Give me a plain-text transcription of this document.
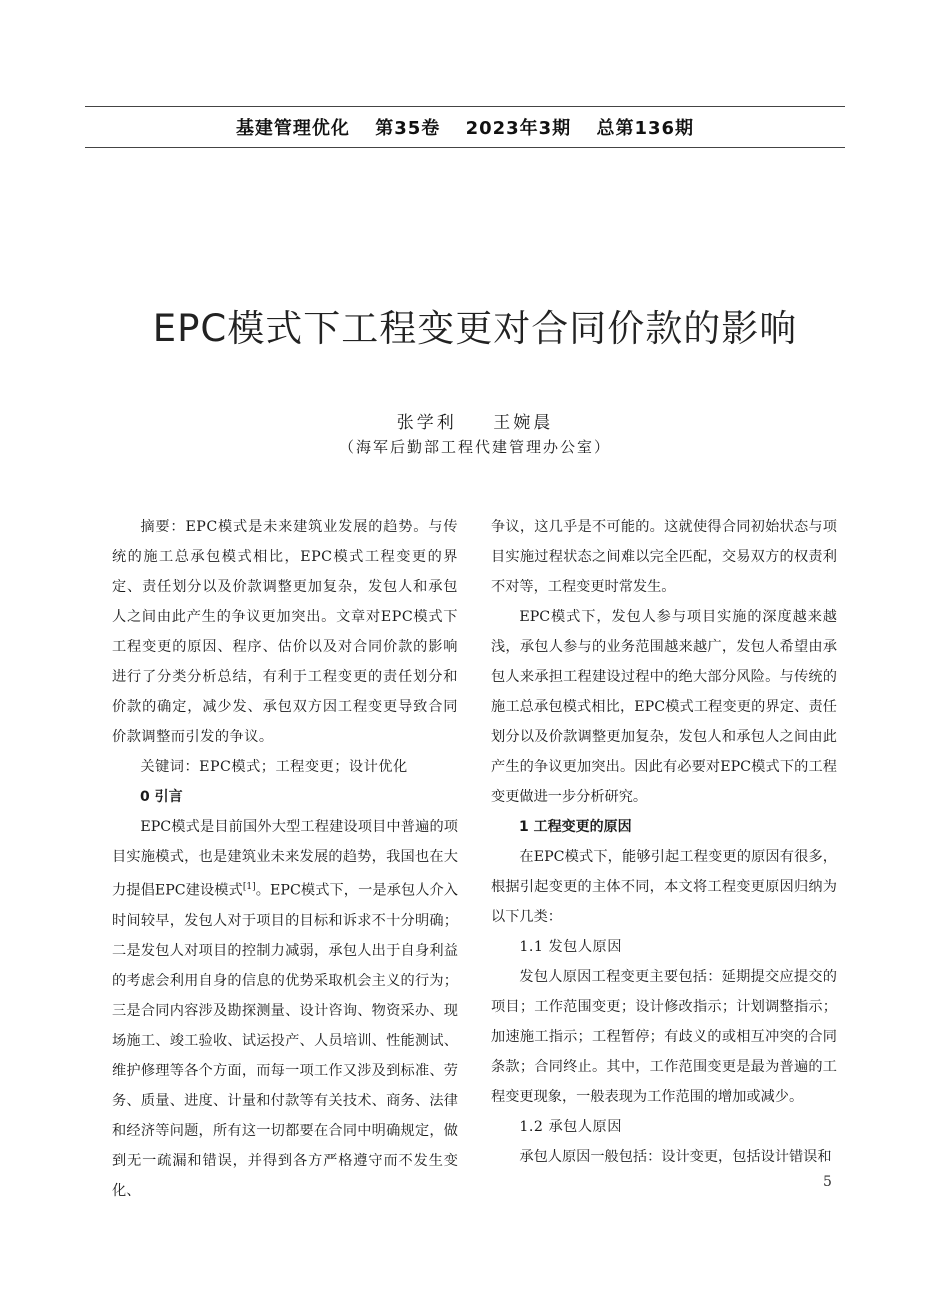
基建管理优化 第35卷 2023年3期 总第136期
EPC模式下工程变更对合同价款的影响
张学利 王婉晨
（海军后勤部工程代建管理办公室）

摘要：EPC模式是未来建筑业发展的趋势。与传统的施工总承包模式相比，EPC模式工程变更的界定、责任划分以及价款调整更加复杂，发包人和承包人之间由此产生的争议更加突出。文章对EPC模式下工程变更的原因、程序、估价以及对合同价款的影响进行了分类分析总结，有利于工程变更的责任划分和价款的确定，减少发、承包双方因工程变更导致合同价款调整而引发的争议。

关键词：EPC模式；工程变更；设计优化

0 引言

EPC模式是目前国外大型工程建设项目中普遍的项目实施模式，也是建筑业未来发展的趋势，我国也在大力提倡EPC建设模式[1]。EPC模式下，一是承包人介入时间较早，发包人对于项目的目标和诉求不十分明确；二是发包人对项目的控制力减弱，承包人出于自身利益的考虑会利用自身的信息的优势采取机会主义的行为；三是合同内容涉及勘探测量、设计咨询、物资采办、现场施工、竣工验收、试运投产、人员培训、性能测试、维护修理等各个方面，而每一项工作又涉及到标准、劳务、质量、进度、计量和付款等有关技术、商务、法律和经济等问题，所有这一切都要在合同中明确规定，做到无一疏漏和错误，并得到各方严格遵守而不发生变化、

争议，这几乎是不可能的。这就使得合同初始状态与项目实施过程状态之间难以完全匹配，交易双方的权责利不对等，工程变更时常发生。

EPC模式下，发包人参与项目实施的深度越来越浅，承包人参与的业务范围越来越广，发包人希望由承包人来承担工程建设过程中的绝大部分风险。与传统的施工总承包模式相比，EPC模式工程变更的界定、责任划分以及价款调整更加复杂，发包人和承包人之间由此产生的争议更加突出。因此有必要对EPC模式下的工程变更做进一步分析研究。

1 工程变更的原因

在EPC模式下，能够引起工程变更的原因有很多，根据引起变更的主体不同，本文将工程变更原因归纳为以下几类：

1.1 发包人原因

发包人原因工程变更主要包括：延期提交应提交的项目；工作范围变更；设计修改指示；计划调整指示；加速施工指示；工程暂停；有歧义的或相互冲突的合同条款；合同终止。其中，工作范围变更是最为普遍的工程变更现象，一般表现为工作范围的增加或减少。

1.2 承包人原因

承包人原因一般包括：设计变更，包括设计错误和

5
